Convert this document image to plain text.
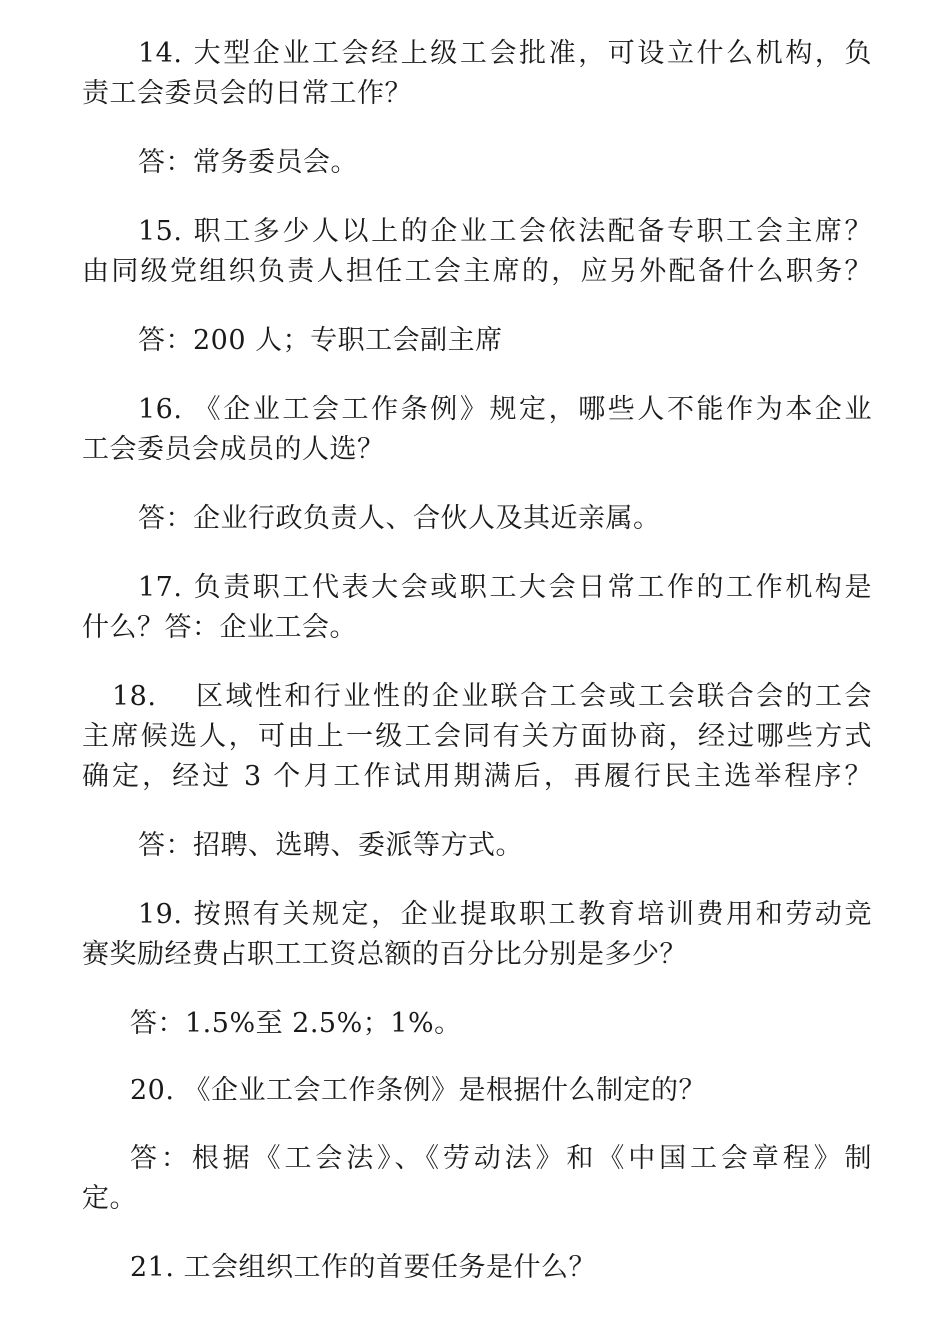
14. 大型企业工会经上级工会批准，可设立什么机构，负
责工会委员会的日常工作？
答：常务委员会。
15. 职工多少人以上的企业工会依法配备专职工会主席？
由同级党组织负责人担任工会主席的，应另外配备什么职务？
答：200 人；专职工会副主席
16. 《企业工会工作条例》规定，哪些人不能作为本企业
工会委员会成员的人选？
答：企业行政负责人、合伙人及其近亲属。
17. 负责职工代表大会或职工大会日常工作的工作机构是
什么？答：企业工会。
18.	区域性和行业性的企业联合工会或工会联合会的工会
主席候选人，可由上一级工会同有关方面协商，经过哪些方式
确定，经过 3 个月工作试用期满后，再履行民主选举程序？
答：招聘、选聘、委派等方式。
19. 按照有关规定，企业提取职工教育培训费用和劳动竞
赛奖励经费占职工工资总额的百分比分别是多少？
答：1.5%至 2.5%；1%。
20. 《企业工会工作条例》是根据什么制定的？
答：根据《工会法》、《劳动法》和《中国工会章程》制
定。
21. 工会组织工作的首要任务是什么？
